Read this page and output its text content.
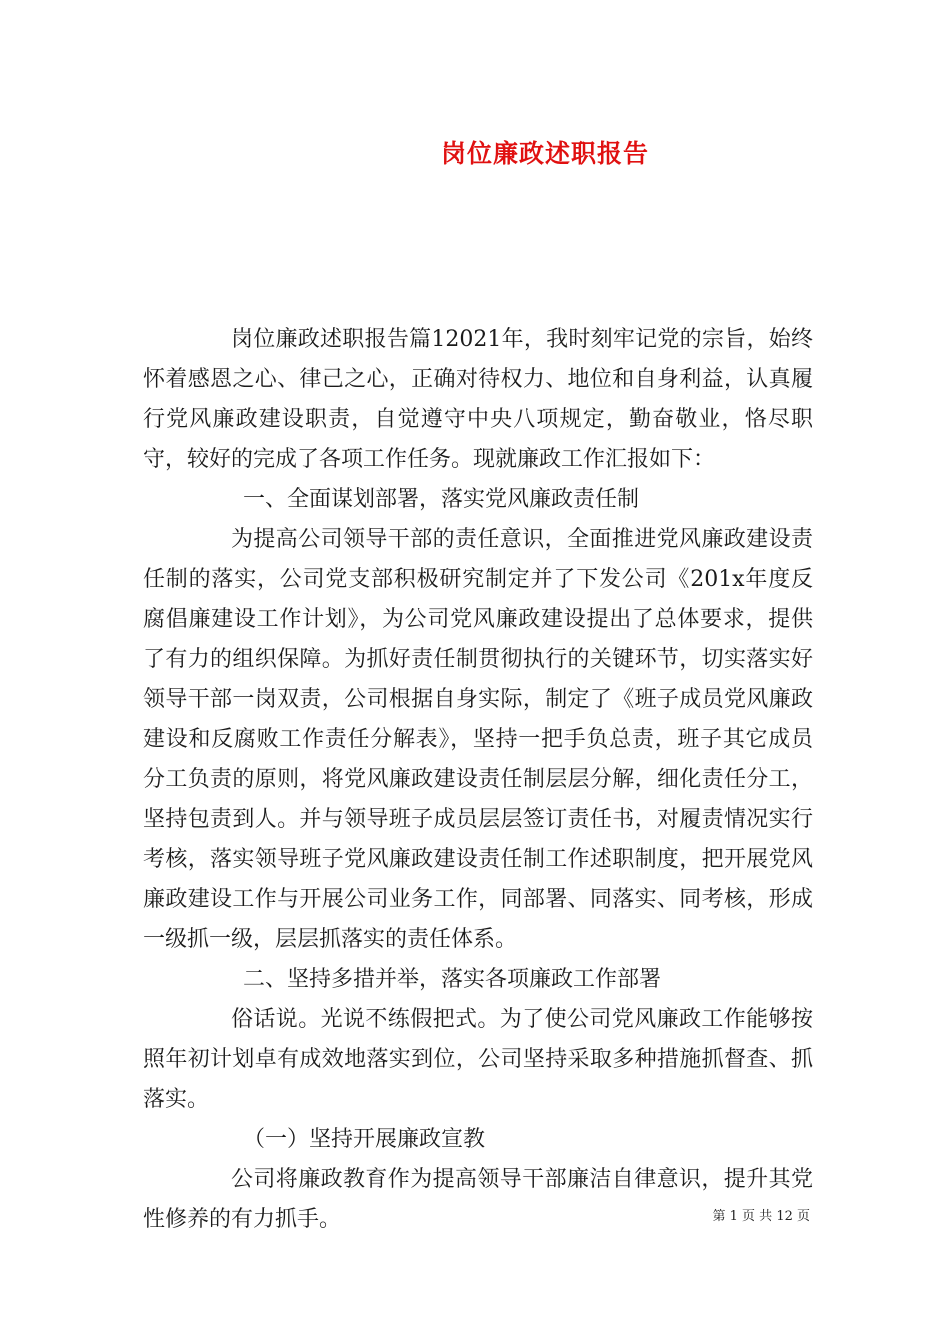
岗位廉政述职报告

岗位廉政述职报告篇12021年，我时刻牢记党的宗旨，始终怀着感恩之心、律己之心，正确对待权力、地位和自身利益，认真履行党风廉政建设职责，自觉遵守中央八项规定，勤奋敬业，恪尽职守，较好的完成了各项工作任务。现就廉政工作汇报如下：

一、全面谋划部署，落实党风廉政责任制

为提高公司领导干部的责任意识，全面推进党风廉政建设责任制的落实，公司党支部积极研究制定并了下发公司《201x年度反腐倡廉建设工作计划》，为公司党风廉政建设提出了总体要求，提供了有力的组织保障。为抓好责任制贯彻执行的关键环节，切实落实好领导干部一岗双责，公司根据自身实际，制定了《班子成员党风廉政建设和反腐败工作责任分解表》，坚持一把手负总责，班子其它成员分工负责的原则，将党风廉政建设责任制层层分解，细化责任分工，坚持包责到人。并与领导班子成员层层签订责任书，对履责情况实行考核，落实领导班子党风廉政建设责任制工作述职制度，把开展党风廉政建设工作与开展公司业务工作，同部署、同落实、同考核，形成一级抓一级，层层抓落实的责任体系。

二、坚持多措并举，落实各项廉政工作部署

俗话说。光说不练假把式。为了使公司党风廉政工作能够按照年初计划卓有成效地落实到位，公司坚持采取多种措施抓督查、抓落实。

（一）坚持开展廉政宣教

公司将廉政教育作为提高领导干部廉洁自律意识，提升其党性修养的有力抓手。	第 1 页 共 12 页
